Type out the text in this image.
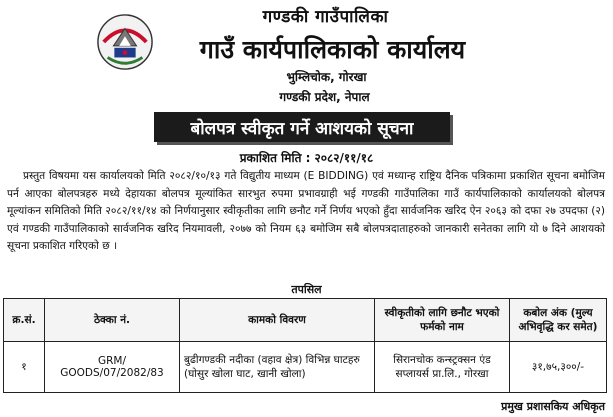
गण्डकी गाउँपालिका
गाउँ कार्यपालिकाको कार्यालय
भुम्लिचोक, गोरखा
गण्डकी प्रदेश, नेपाल
बोलपत्र स्वीकृत गर्ने आशयको सूचना
प्रकाशित मिति : २०८२/११/१८

प्रस्तुत विषयमा यस कार्यालयको मिति २०८२/१०/१३ गते विद्युतीय माध्यम (E BIDDING) एवं मध्यान्ह राष्ट्रिय दैनिक पत्रिकामा प्रकाशित सूचना बमोजिम पर्न आएका बोलपत्रहरु मध्ये देहायका बोलपत्र मूल्यांकित सारभुत रुपमा प्रभावग्राही भई गण्डकी गाउँपालिका गाउँ कार्यपालिकाको कार्यालयको बोलपत्र मूल्यांकन समितिको मिति २०८२/११/१४ को निर्णयानुसार स्वीकृतीका लागि छनौट गर्ने निर्णय भएको हुँदा सार्वजनिक खरिद ऐन २०६३ को दफा २७ उपदफा (२) एवं गण्डकी गाउँपालिकाको सार्वजनिक खरिद नियमावली, २०७७ को नियम ६३ बमोजिम सबै बोलपत्रदाताहरुको जानकारी सनेतका लागि यो ७ दिने आशयको सूचना प्रकाशित गरिएको छ ।

तपसिल
क्र.सं.	ठेक्का नं.	कामको विवरण	स्वीकृतीको लागि छनौट भएको फर्मको नाम	कबोल अंक (मुल्य अभिवृद्धि कर समेत)
१	GRM/ GOODS/07/2082/83	बुढीगण्डकी नदीका (वहाव क्षेत्र) विभिन्न घाटहरु (घोसुर खोला घाट, खानी खोला)	सिरानचोक कन्स्ट्रक्सन एंड सप्लायर्स प्रा.लि., गोरखा	३१,७५,३००/-
प्रमुख प्रशासकिय अधिकृत
